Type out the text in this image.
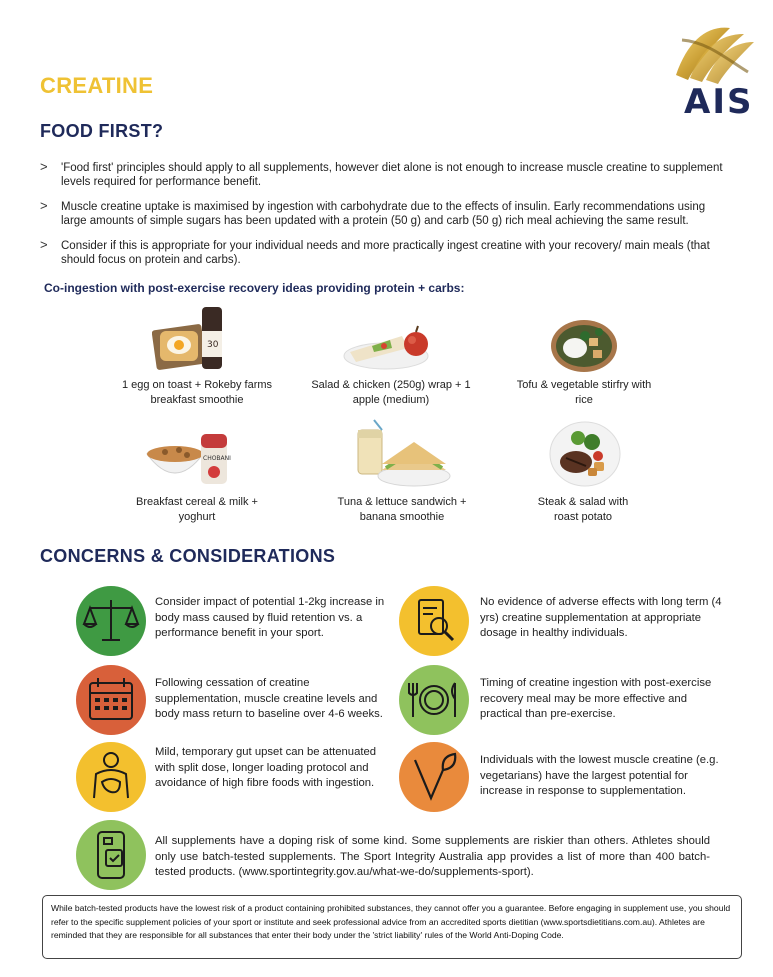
CREATINE	AIS
FOOD FIRST?
> 'Food first' principles should apply to all supplements, however diet alone is not enough to increase muscle creatine to supplement levels required for performance benefit.
> Muscle creatine uptake is maximised by ingestion with carbohydrate due to the effects of insulin. Early recommendations using large amounts of simple sugars has been updated with a protein (50 g) and carb (50 g) rich meal achieving the same result.
> Consider if this is appropriate for your individual needs and more practically ingest creatine with your recovery/ main meals (that should focus on protein and carbs).
Co-ingestion with post-exercise recovery ideas providing protein + carbs:
30
CHOBANI
1 egg on toast + Rokeby farms breakfast smoothie
Salad & chicken (250g) wrap + 1 apple (medium)
Tofu & vegetable stirfry with rice
Breakfast cereal & milk + yoghurt
Tuna & lettuce sandwich + banana smoothie
Steak & salad with roast potato
CONCERNS & CONSIDERATIONS
Consider impact of potential 1-2kg increase in body mass caused by fluid retention vs. a performance benefit in your sport.
No evidence of adverse effects with long term (4 yrs) creatine supplementation at appropriate dosage in healthy individuals.
Following cessation of creatine supplementation, muscle creatine levels and body mass return to baseline over 4-6 weeks.
Timing of creatine ingestion with post-exercise recovery meal may be more effective and practical than pre-exercise.
Mild, temporary gut upset can be attenuated with split dose, longer loading protocol and avoidance of high fibre foods with ingestion.
Individuals with the lowest muscle creatine (e.g. vegetarians) have the largest potential for increase in response to supplementation.
All supplements have a doping risk of some kind. Some supplements are riskier than others. Athletes should only use batch-tested supplements. The Sport Integrity Australia app provides a list of more than 400 batch-tested products. (www.sportintegrity.gov.au/what-we-do/supplements-sport).
While batch-tested products have the lowest risk of a product containing prohibited substances, they cannot offer you a guarantee. Before engaging in supplement use, you should refer to the specific supplement policies of your sport or institute and seek professional advice from an accredited sports dietitian (www.sportsdietitians.com.au). Athletes are reminded that they are responsible for all substances that enter their body under the 'strict liability' rules of the World Anti-Doping Code.
